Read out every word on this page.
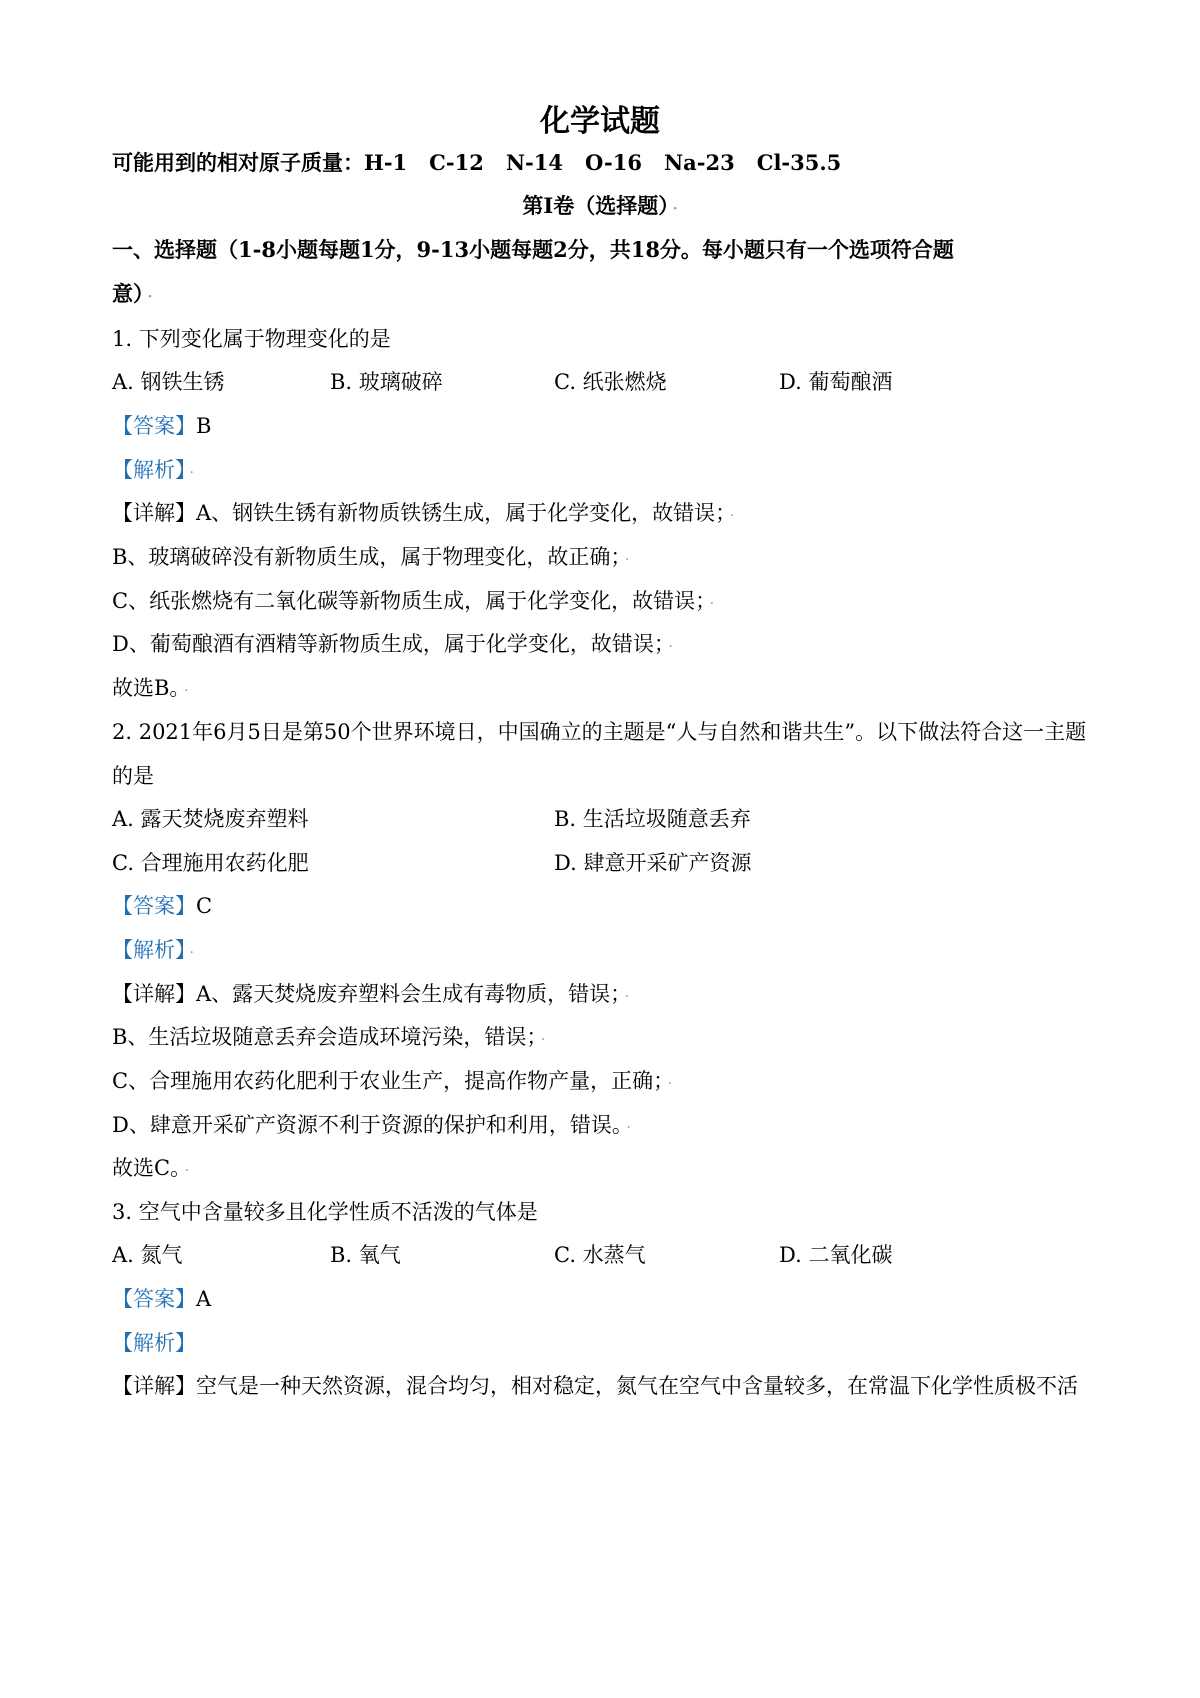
化学试题
可能用到的相对原子质量：H-1 C-12 N-14 O-16 Na-23 Cl-35.5
第Ⅰ卷（选择题） ·
一、选择题（1-8小题每题1分，9-13小题每题2分，共18分。每小题只有一个选项符合题
意） ·
1. 下列变化属于物理变化的是
A. 钢铁生锈	B. 玻璃破碎	C. 纸张燃烧	D. 葡萄酿酒
【答案】B
【解析】 ·
【详解】A、钢铁生锈有新物质铁锈生成，属于化学变化，故错误； ·
B、玻璃破碎没有新物质生成，属于物理变化，故正确； ·
C、纸张燃烧有二氧化碳等新物质生成，属于化学变化，故错误； ·
D、葡萄酿酒有酒精等新物质生成，属于化学变化，故错误； ·
故选B。 ·
2. 2021年6月5日是第50个世界环境日，中国确立的主题是“人与自然和谐共生”。以下做法符合这一主题
的是
A. 露天焚烧废弃塑料	B. 生活垃圾随意丢弃
C. 合理施用农药化肥	D. 肆意开采矿产资源
【答案】C
【解析】 ·
【详解】A、露天焚烧废弃塑料会生成有毒物质，错误； ·
B、生活垃圾随意丢弃会造成环境污染，错误； ·
C、合理施用农药化肥利于农业生产，提高作物产量，正确； ·
D、肆意开采矿产资源不利于资源的保护和利用，错误。 ·
故选C。 ·
3. 空气中含量较多且化学性质不活泼的气体是
A. 氮气	B. 氧气	C. 水蒸气	D. 二氧化碳
【答案】A
【解析】
【详解】空气是一种天然资源，混合均匀，相对稳定，氮气在空气中含量较多，在常温下化学性质极不活
